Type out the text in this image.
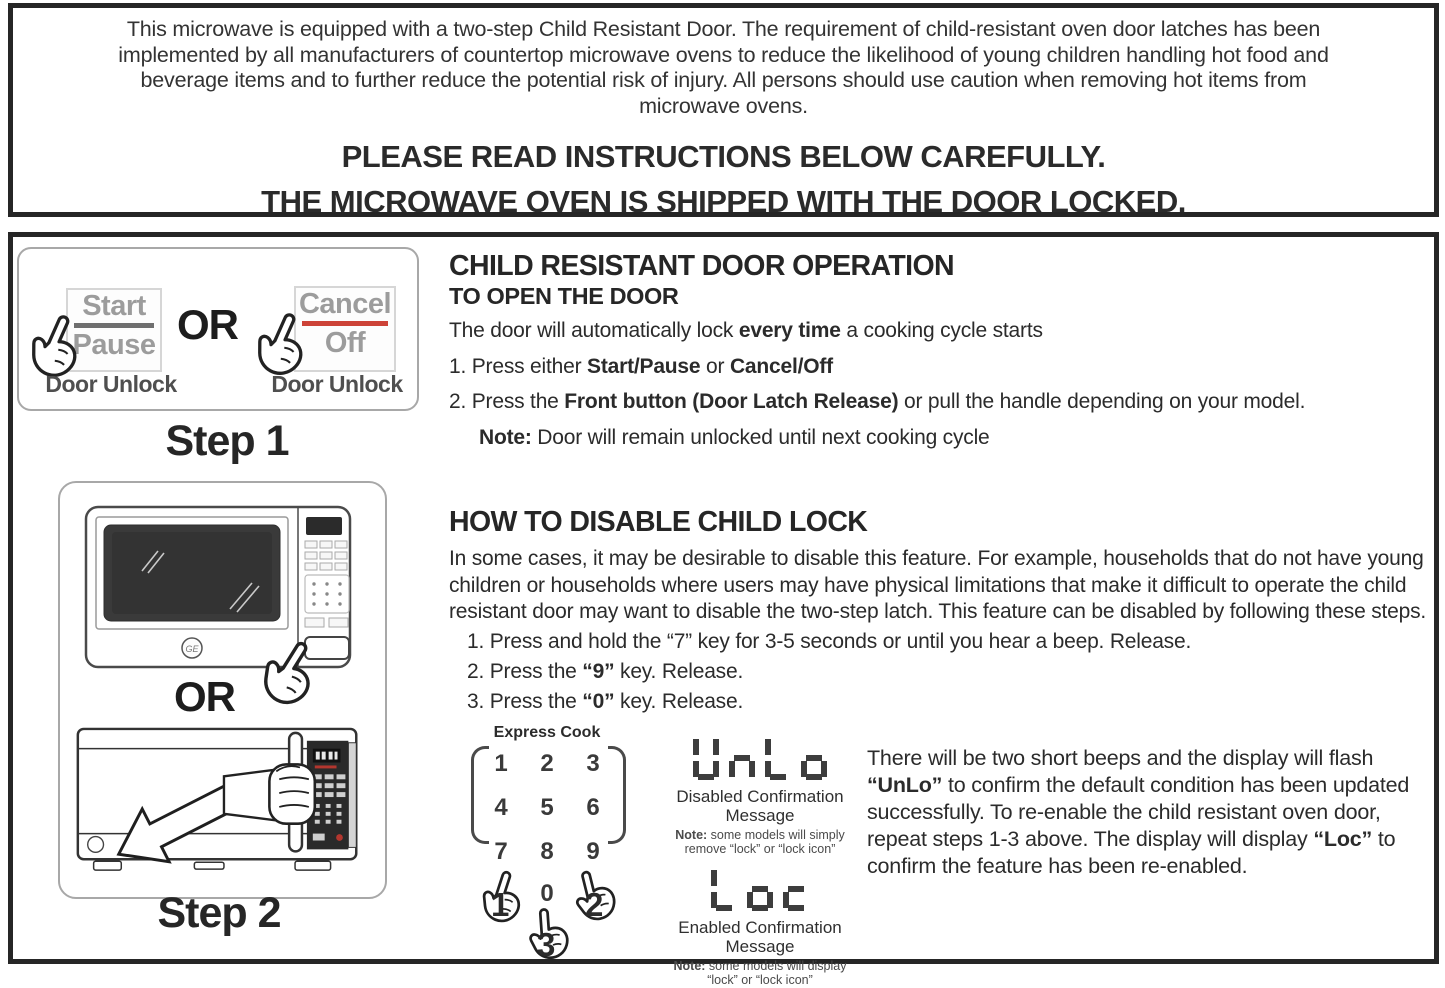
This microwave is equipped with a two-step Child Resistant Door. The requirement of child-resistant oven door latches has been
implemented by all manufacturers of countertop microwave ovens to reduce the likelihood of young children handling hot food and
beverage items and to further reduce the potential risk of injury. All persons should use caution when removing hot items from
microwave ovens.
PLEASE READ INSTRUCTIONS BELOW CAREFULLY.
THE MICROWAVE OVEN IS SHIPPED WITH THE DOOR LOCKED.
Start
Pause OR Cancel
Off
Door Unlock	Door Unlock
Step 1
GE
OR
Step 2
CHILD RESISTANT DOOR OPERATION
TO OPEN THE DOOR

The door will automatically lock every time a cooking cycle starts

1. Press either Start/Pause or Cancel/Off

2. Press the Front button (Door Latch Release) or pull the handle depending on your model.

Note: Door will remain unlocked until next cooking cycle

HOW TO DISABLE CHILD LOCK

In some cases, it may be desirable to disable this feature. For example, households that do not have young children or households where users may have physical limitations that make it difficult to operate the child resistant door may want to disable the two-step latch. This feature can be disabled by following these steps.

1. Press and hold the “7” key for 3-5 seconds or until you hear a beep. Release.

2. Press the “9” key. Release.

3. Press the “0” key. Release.

Express Cook
1	2	3
4	5	6
7	8	9
0
1 2
3
Disabled Confirmation Message
Note: some models will simply remove “lock” or “lock icon”
Enabled Confirmation Message
Note: some models will display “lock” or “lock icon”

There will be two short beeps and the display will flash “UnLo” to confirm the default condition has been updated successfully. To re-enable the child resistant oven door, repeat steps 1-3 above. The display will display “Loc” to confirm the feature has been re-enabled.
